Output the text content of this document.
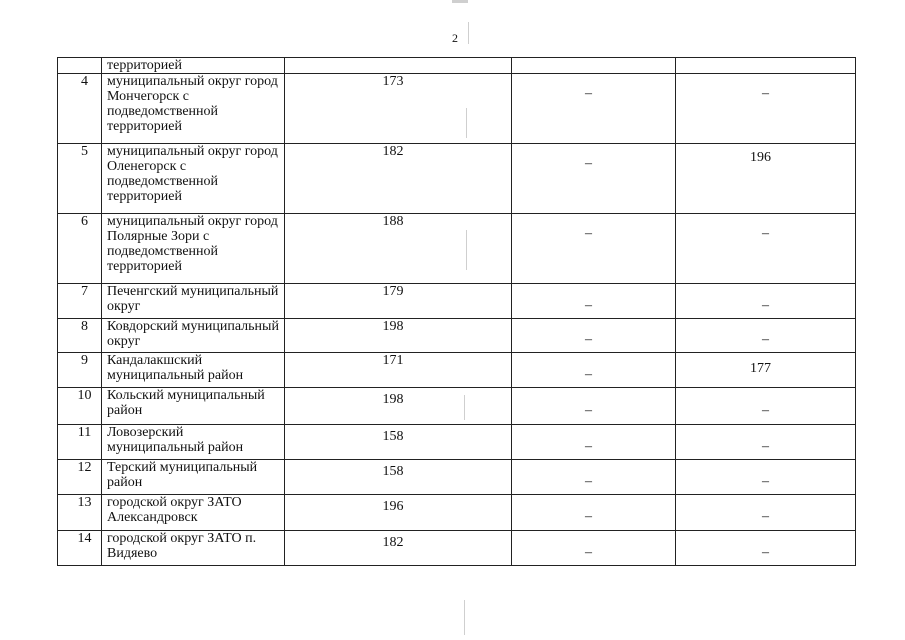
2
	территорией			
4	муниципальный округ город Мончегорск с подведомственной территорией	173	–	–
5	муниципальный округ город Оленегорск с подведомственной территорией	182	–	196
6	муниципальный округ город Полярные Зори с подведомственной территорией	188	–	–
7	Печенгский муниципальный округ	179	–	–
8	Ковдорский муниципальный округ	198	–	–
9	Кандалакшский муниципальный район	171	–	177
10	Кольский муниципальный район	198	–	–
11	Ловозерский муниципальный район	158	–	–
12	Терский муниципальный район	158	–	–
13	городской округ ЗАТО Александровск	196	–	–
14	городской округ ЗАТО п. Видяево	182	–	–
